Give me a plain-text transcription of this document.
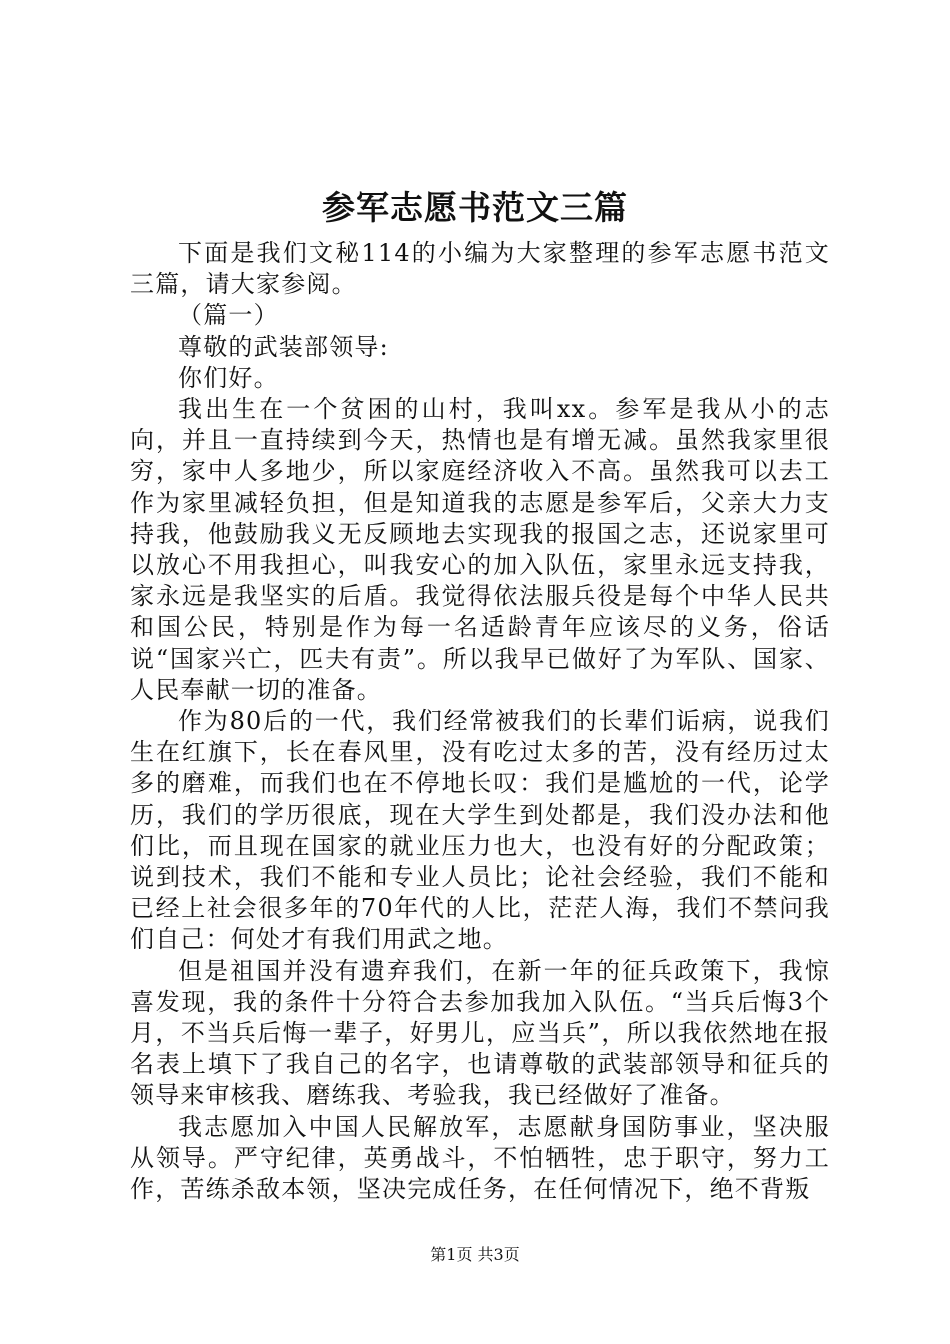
参军志愿书范文三篇

下面是我们文秘114的小编为大家整理的参军志愿书范文三篇，请大家参阅。

（篇一）

尊敬的武装部领导:

你们好。

我出生在一个贫困的山村，我叫xx。参军是我从小的志向，并且一直持续到今天，热情也是有增无减。虽然我家里很穷，家中人多地少，所以家庭经济收入不高。虽然我可以去工作为家里减轻负担，但是知道我的志愿是参军后，父亲大力支持我，他鼓励我义无反顾地去实现我的报国之志，还说家里可以放心不用我担心，叫我安心的加入队伍，家里永远支持我，家永远是我坚实的后盾。我觉得依法服兵役是每个中华人民共和国公民，特别是作为每一名适龄青年应该尽的义务，俗话说“国家兴亡，匹夫有责”。所以我早已做好了为军队、国家、人民奉献一切的准备。

作为80后的一代，我们经常被我们的长辈们诟病，说我们生在红旗下，长在春风里，没有吃过太多的苦，没有经历过太多的磨难，而我们也在不停地长叹：我们是尴尬的一代，论学历，我们的学历很底，现在大学生到处都是，我们没办法和他们比，而且现在国家的就业压力也大，也没有好的分配政策；说到技术，我们不能和专业人员比；论社会经验，我们不能和已经上社会很多年的70年代的人比，茫茫人海，我们不禁问我们自己：何处才有我们用武之地。

但是祖国并没有遗弃我们，在新一年的征兵政策下，我惊喜发现，我的条件十分符合去参加我加入队伍。“当兵后悔3个月，不当兵后悔一辈子，好男儿，应当兵”，所以我依然地在报名表上填下了我自己的名字，也请尊敬的武装部领导和征兵的领导来审核我、磨练我、考验我，我已经做好了准备。

我志愿加入中国人民解放军，志愿献身国防事业，坚决服从领导。严守纪律，英勇战斗，不怕牺牲，忠于职守，努力工作，苦练杀敌本领，坚决完成任务，在任何情况下，绝不背叛

第1页 共3页
